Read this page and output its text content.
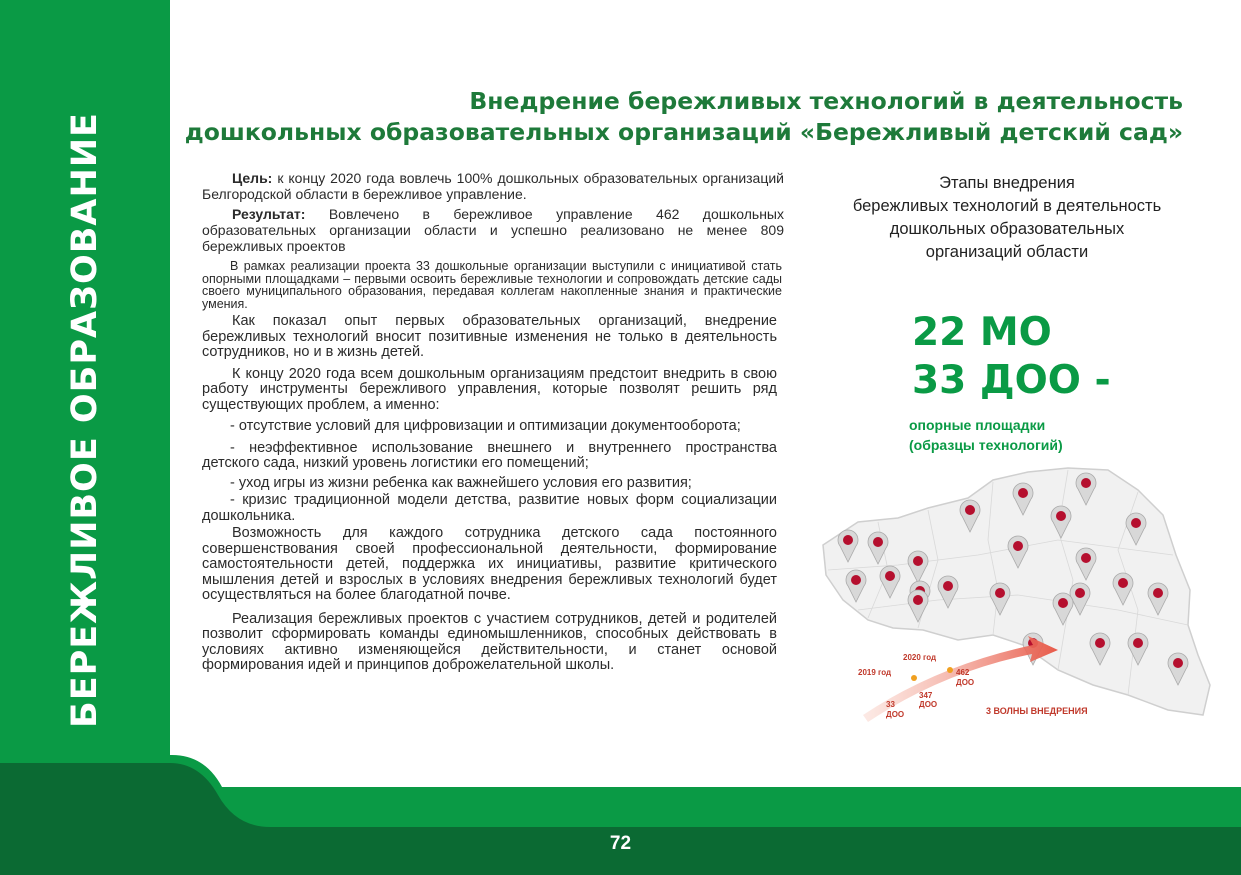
БЕРЕЖЛИВОЕ ОБРАЗОВАНИЕ
72
Внедрение бережливых технологий в деятельность
дошкольных образовательных организаций «Бережливый детский сад»

Цель: к концу 2020 года вовлечь 100% дошкольных образовательных организаций Белгородской области в бережливое управление.

Результат: Вовлечено в бережливое управление 462 дошкольных образовательных организации области и успешно реализовано не менее 809 бережливых проектов

В рамках реализации проекта 33 дошкольные организации выступили с инициативой стать опорными площадками – первыми освоить бережливые технологии и сопровождать детские сады своего муниципального образования, передавая коллегам накопленные знания и практические умения.

Как показал опыт первых образовательных организаций, внедрение бережливых технологий вносит позитивные изменения не только в деятельность сотрудников, но и в жизнь детей.

К концу 2020 года всем дошкольным организациям предстоит внедрить в свою работу инструменты бережливого управления, которые позволят решить ряд существующих проблем, а именно:

- отсутствие условий для цифровизации и оптимизации документооборота;

- неэффективное использование внешнего и внутреннего пространства детского сада, низкий уровень логистики его помещений;

- уход игры из жизни ребенка как важнейшего условия его развития;

- кризис традиционной модели детства, развитие новых форм социализации дошкольника.

Возможность для каждого сотрудника детского сада постоянного совершенствования своей профессиональной деятельности, формирование самостоятельности детей, поддержка их инициативы, развитие критического мышления детей и взрослых в условиях внедрения бережливых технологий будет осуществляться на более благодатной почве.

Реализация бережливых проектов с участием сотрудников, детей и родителей позволит сформировать команды единомышленников, способных действовать в условиях активно изменяющейся действительности, и станет основой формирования идей и принципов доброжелательной школы.

Этапы внедрения
бережливых технологий в деятельность
дошкольных образовательных
организаций области
22 МО
33 ДОО -
опорные площадки
(образцы технологий)
2019 год
2020 год
33
ДОО
347
ДОО
462
ДОО
3 ВОЛНЫ ВНЕДРЕНИЯ
